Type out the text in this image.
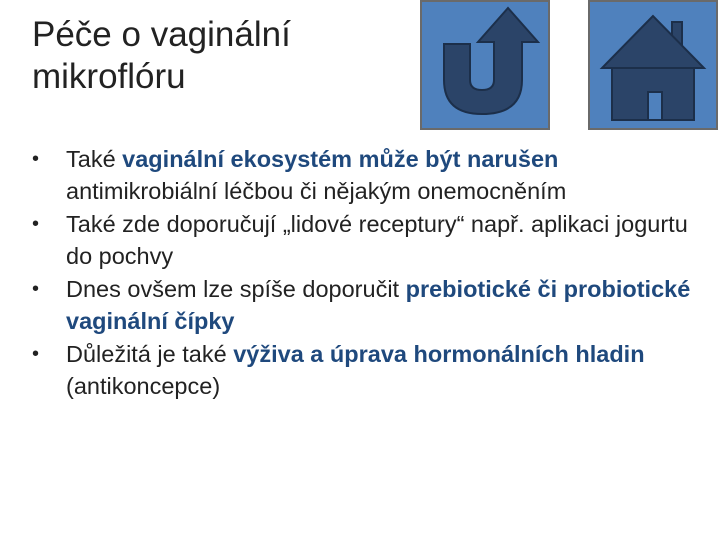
Péče o vaginální
mikroflóru
• Také vaginální ekosystém může být narušen antimikrobiální léčbou či nějakým onemocněním
• Také zde doporučují „lidové receptury“ např. aplikaci jogurtu do pochvy
• Dnes ovšem lze spíše doporučit prebiotické či probiotické vaginální čípky
• Důležitá je také výživa a úprava hormonálních hladin (antikoncepce)
